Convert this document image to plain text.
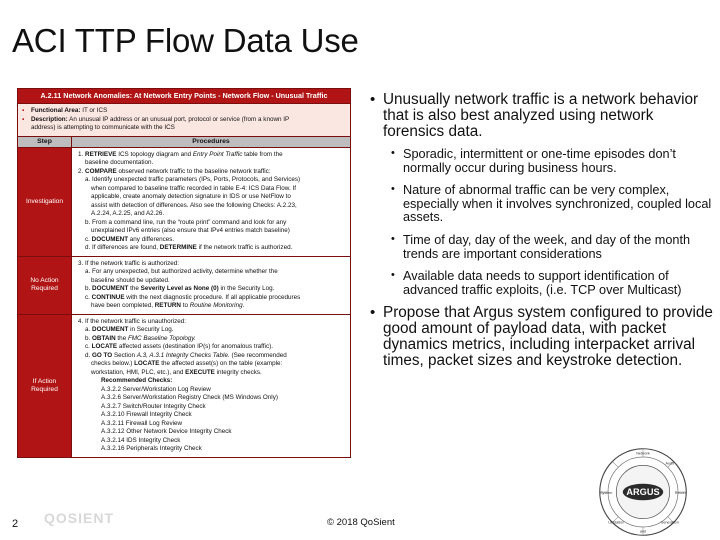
ACI TTP Flow Data Use
A.2.11 Network Anomalies: At Network Entry Points - Network Flow - Unusual Traffic
▪ Functional Area: IT or ICS
▪ Description: An unusual IP address or an unusual port, protocol or service (from a known IP
address) is attempting to communicate with the ICS
Step	Procedures
Investigation
1. RETRIEVE ICS topology diagram and Entry Point Traffic table from the
baseline documentation.
2. COMPARE observed network traffic to the baseline network traffic:
a. Identify unexpected traffic parameters (IPs, Ports, Protocols, and Services)
when compared to baseline traffic recorded in table E-4: ICS Data Flow. If
applicable, create anomaly detection signature in IDS or use NetFlow to
assist with detection of differences. Also see the following Checks: A.2.23,
A.2.24, A.2.25, and A2.26.
b. From a command line, run the “route print” command and look for any
unexplained IPv6 entries (also ensure that IPv4 entries match baseline)
c. DOCUMENT any differences.
d. If differences are found, DETERMINE if the network traffic is authorized.
No Action Required
3. If the network traffic is authorized:
a. For any unexpected, but authorized activity, determine whether the
baseline should be updated.
b. DOCUMENT the Severity Level as None (0) in the Security Log.
c. CONTINUE with the next diagnostic procedure. If all applicable procedures
have been completed, RETURN to Routine Monitoring.
If Action Required
4. If the network traffic is unauthorized:
a. DOCUMENT in Security Log.
b. OBTAIN the FMC Baseline Topology.
c. LOCATE affected assets (destination IP(s) for anomalous traffic).
d. GO TO Section A.3, A.3.1 Integrity Checks Table. (See recommended
checks below.) LOCATE the affected asset(s) on the table (example:
workstation, HMI, PLC, etc.), and EXECUTE integrity checks.
Recommended Checks:
A.3.2.2 Server/Workstation Log Review
A.3.2.6 Server/Workstation Registry Check (MS Windows Only)
A.3.2.7 Switch/Router Integrity Check
A.3.2.10 Firewall Integrity Check
A.3.2.11 Firewall Log Review
A.3.2.12 Other Network Device Integrity Check
A.3.2.14 IDS Integrity Check
A.3.2.16 Peripherals Integrity Check
• Unusually network traffic is a network behavior that is also best analyzed using network forensics data.
• Sporadic, intermittent or one-time episodes don’t normally occur during business hours.
• Nature of abnormal traffic can be very complex, especially when it involves synchronized, coupled local assets.
• Time of day, day of the week, and day of the month trends are important considerations
• Available data needs to support identification of advanced traffic exploits, (i.e. TCP over Multicast)
• Propose that Argus system configured to provide good amount of payload data, with packet dynamics metrics, including interpacket arrival times, packet sizes and keystroke detection.
2 QOSIENT	© 2018 QoSient
Network
Audit
Record
Generation
and
Utilization
System ARGUS
